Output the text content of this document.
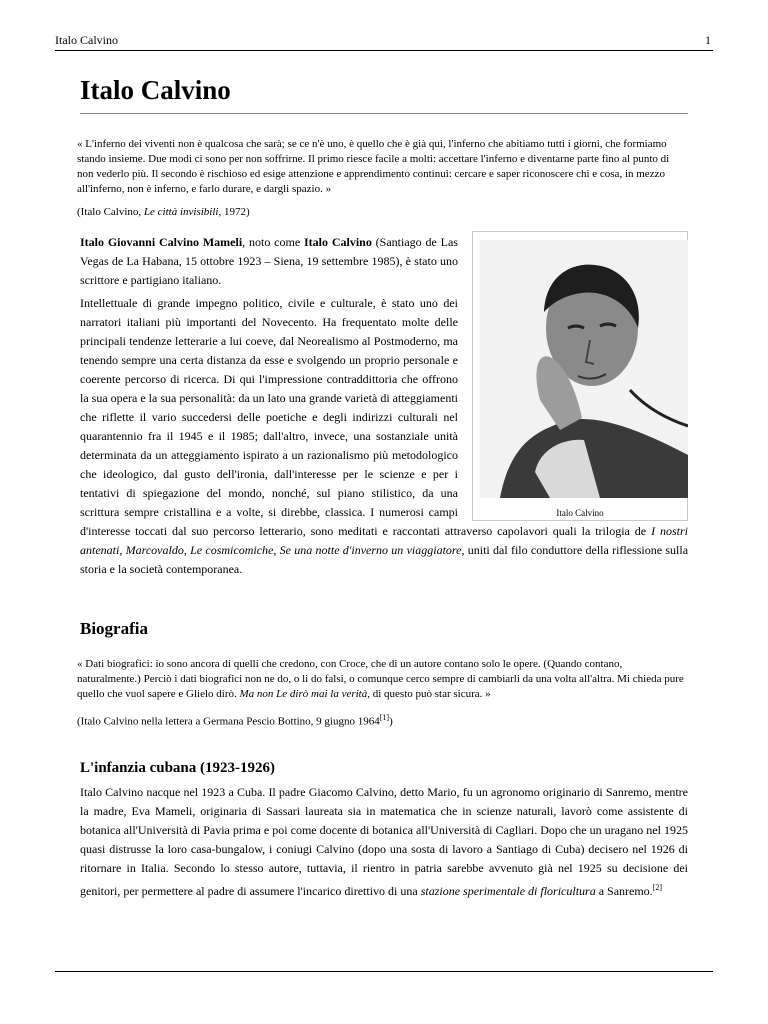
Italo Calvino	1
Italo Calvino
« L'inferno dei viventi non è qualcosa che sarà; se ce n'è uno, è quello che è già qui, l'inferno che abitiamo tutti i giorni, che formiamo stando insieme. Due modi ci sono per non soffrirne. Il primo riesce facile a molti: accettare l'inferno e diventarne parte fino al punto di non vederlo più. Il secondo è rischioso ed esige attenzione e apprendimento continui: cercare e saper riconoscere chi e cosa, in mezzo all'inferno, non è inferno, e farlo durare, e dargli spazio. »
(Italo Calvino, Le città invisibili, 1972)
Italo Calvino

Italo Giovanni Calvino Mameli, noto come Italo Calvino (Santiago de Las Vegas de La Habana, 15 ottobre 1923 – Siena, 19 settembre 1985), è stato uno scrittore e partigiano italiano.

Intellettuale di grande impegno politico, civile e culturale, è stato uno dei narratori italiani più importanti del Novecento. Ha frequentato molte delle principali tendenze letterarie a lui coeve, dal Neorealismo al Postmoderno, ma tenendo sempre una certa distanza da esse e svolgendo un proprio personale e coerente percorso di ricerca. Di qui l'impressione contraddittoria che offrono la sua opera e la sua personalità: da un lato una grande varietà di atteggiamenti che riflette il vario succedersi delle poetiche e degli indirizzi culturali nel quarantennio fra il 1945 e il 1985; dall'altro, invece, una sostanziale unità determinata da un atteggiamento ispirato a un razionalismo più metodologico che ideologico, dal gusto dell'ironia, dall'interesse per le scienze e per i tentativi di spiegazione del mondo, nonché, sul piano stilistico, da una scrittura sempre cristallina e a volte, si direbbe, classica. I numerosi campi d'interesse toccati dal suo percorso letterario, sono meditati e raccontati attraverso capolavori quali la trilogia de I nostri antenati, Marcovaldo, Le cosmicomiche, Se una notte d'inverno un viaggiatore, uniti dal filo conduttore della riflessione sulla storia e la società contemporanea.

Biografia
« Dati biografici: io sono ancora di quelli che credono, con Croce, che di un autore contano solo le opere. (Quando contano, naturalmente.) Perciò i dati biografici non ne do, o li do falsi, o comunque cerco sempre di cambiarli da una volta all'altra. Mi chieda pure quello che vuol sapere e Glielo dirò. Ma non Le dirò mai la verità, di questo può star sicura. »
(Italo Calvino nella lettera a Germana Pescio Bottino, 9 giugno 1964[1])
L'infanzia cubana (1923-1926)
Italo Calvino nacque nel 1923 a Cuba. Il padre Giacomo Calvino, detto Mario, fu un agronomo originario di Sanremo, mentre la madre, Eva Mameli, originaria di Sassari laureata sia in matematica che in scienze naturali, lavorò come assistente di botanica all'Università di Pavia prima e poi come docente di botanica all'Università di Cagliari. Dopo che un uragano nel 1925 quasi distrusse la loro casa-bungalow, i coniugi Calvino (dopo una sosta di lavoro a Santiago di Cuba) decisero nel 1926 di ritornare in Italia. Secondo lo stesso autore, tuttavia, il rientro in patria sarebbe avvenuto già nel 1925 su decisione dei genitori, per permettere al padre di assumere l'incarico direttivo di una stazione sperimentale di floricultura a Sanremo.[2]
